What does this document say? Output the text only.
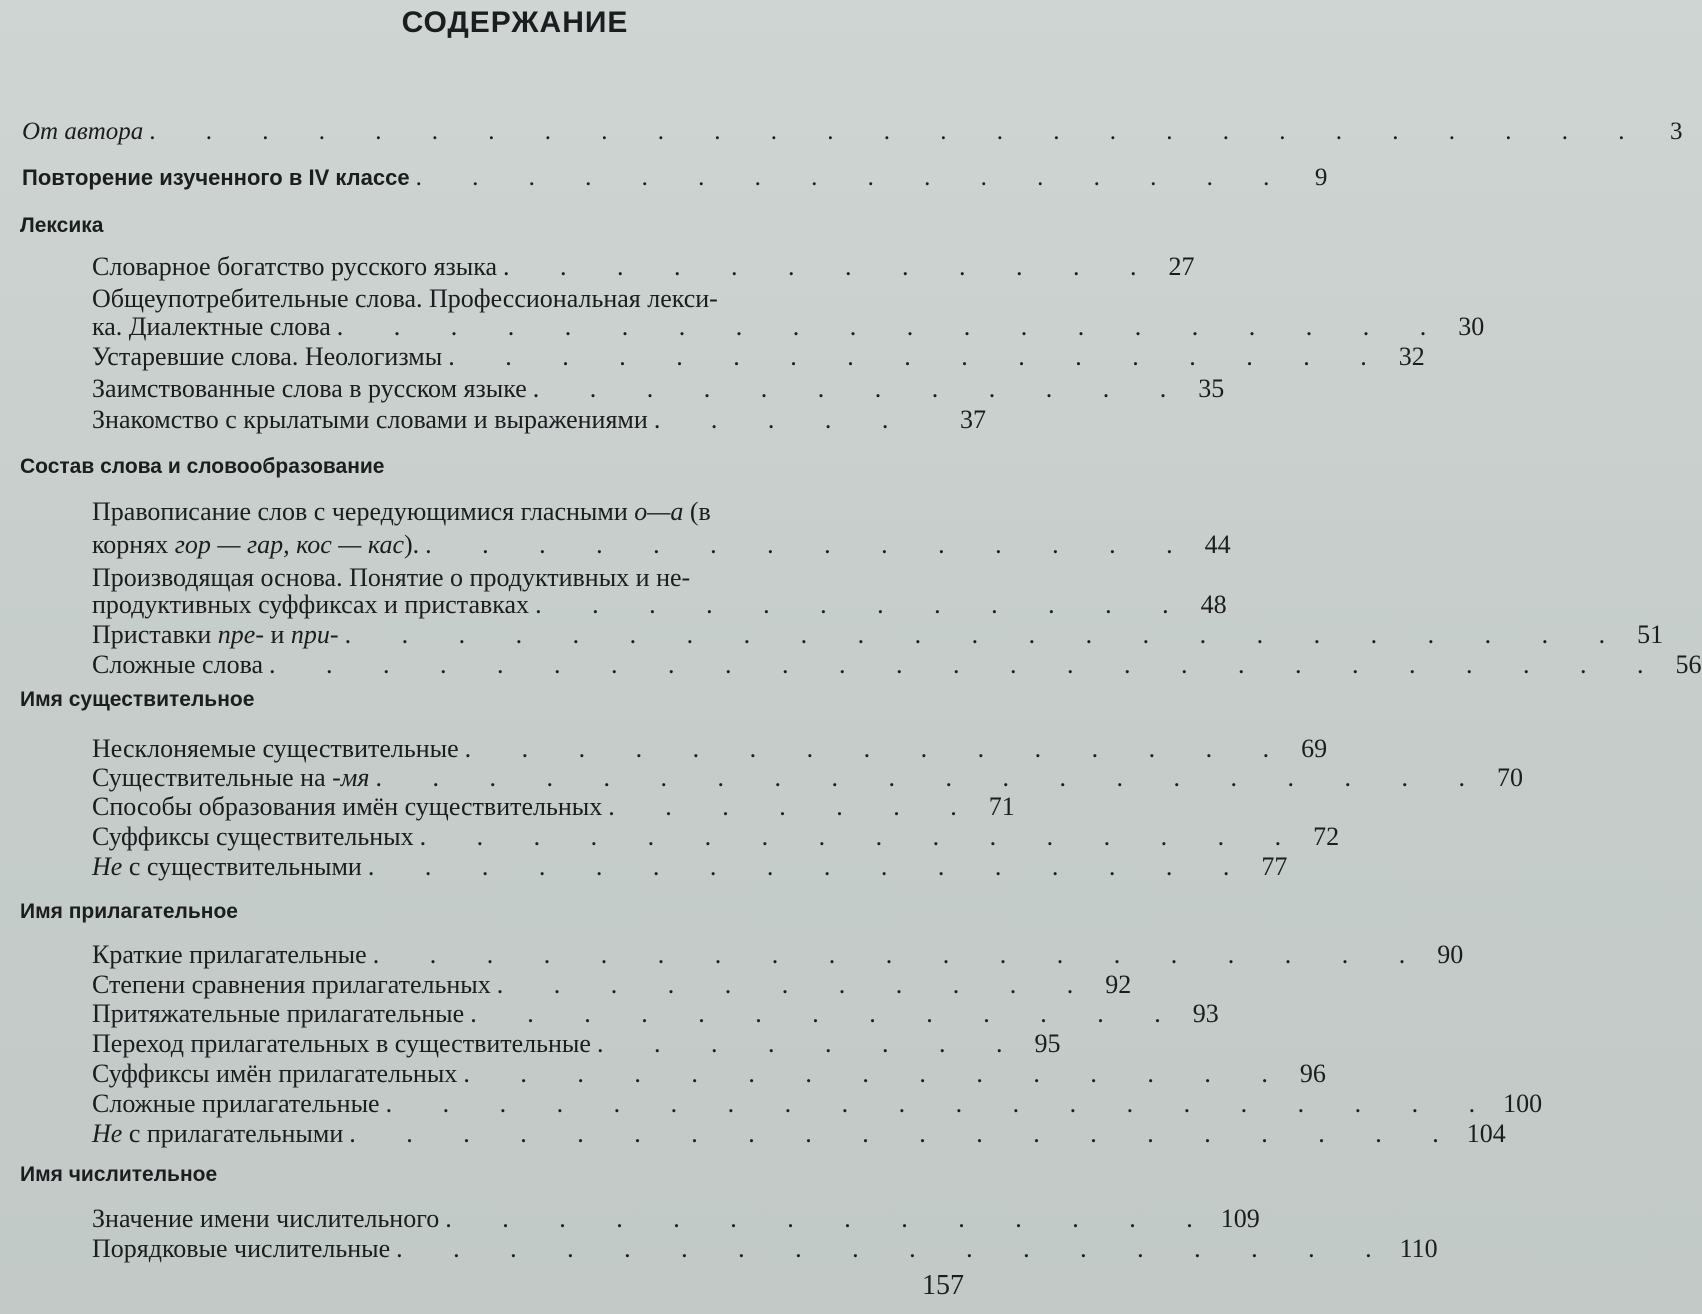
СОДЕРЖАНИЕ
От автора . . . . . . . . . . . . . . . . . . . . . . . . . . . 3
Повторение изученного в IV классе . . . . . . . . . . . . . . . . 9
Лексика
Словарное богатство русского языка . . . . . . . . . . . . 27
Общеупотребительные слова. Профессиональная лекси-
ка. Диалектные слова . . . . . . . . . . . . . . . . . . . . 30
Устаревшие слова. Неологизмы . . . . . . . . . . . . . . . . . 32
Заимствованные слова в русском языке . . . . . . . . . . . . 35
Знакомство с крылатыми словами и выражениями . . . . .	37
Состав слова и словообразование
Правописание слов с чередующимися гласными о—а (в
корнях гор — гар, кос — кас). . . . . . . . . . . . . . . 44
Производящая основа. Понятие о продуктивных и не-
продуктивных суффиксах и приставках . . . . . . . . . . . . 48
Приставки пре- и при- . . . . . . . . . . . . . . . . . . . . . . . 51
Сложные слова . . . . . . . . . . . . . . . . . . . . . . . . . 56
Имя существительное
Несклоняемые существительные . . . . . . . . . . . . . . . 69
Существительные на -мя . . . . . . . . . . . . . . . . . . . . 70
Способы образования имён существительных . . . . . . . 71
Суффиксы существительных . . . . . . . . . . . . . . . . 72
Не с существительными . . . . . . . . . . . . . . . . 77
Имя прилагательное
Краткие прилагательные . . . . . . . . . . . . . . . . . . . 90
Степени сравнения прилагательных . . . . . . . . . . . 92
Притяжательные прилагательные . . . . . . . . . . . . . 93
Переход прилагательных в существительные . . . . . . . . 95
Суффиксы имён прилагательных . . . . . . . . . . . . . . . 96
Сложные прилагательные . . . . . . . . . . . . . . . . . . . . 100
Не с прилагательными . . . . . . . . . . . . . . . . . . . . 104
Имя числительное
Значение имени числительного . . . . . . . . . . . . . . 109
Порядковые числительные . . . . . . . . . . . . . . . . . . 110
157
